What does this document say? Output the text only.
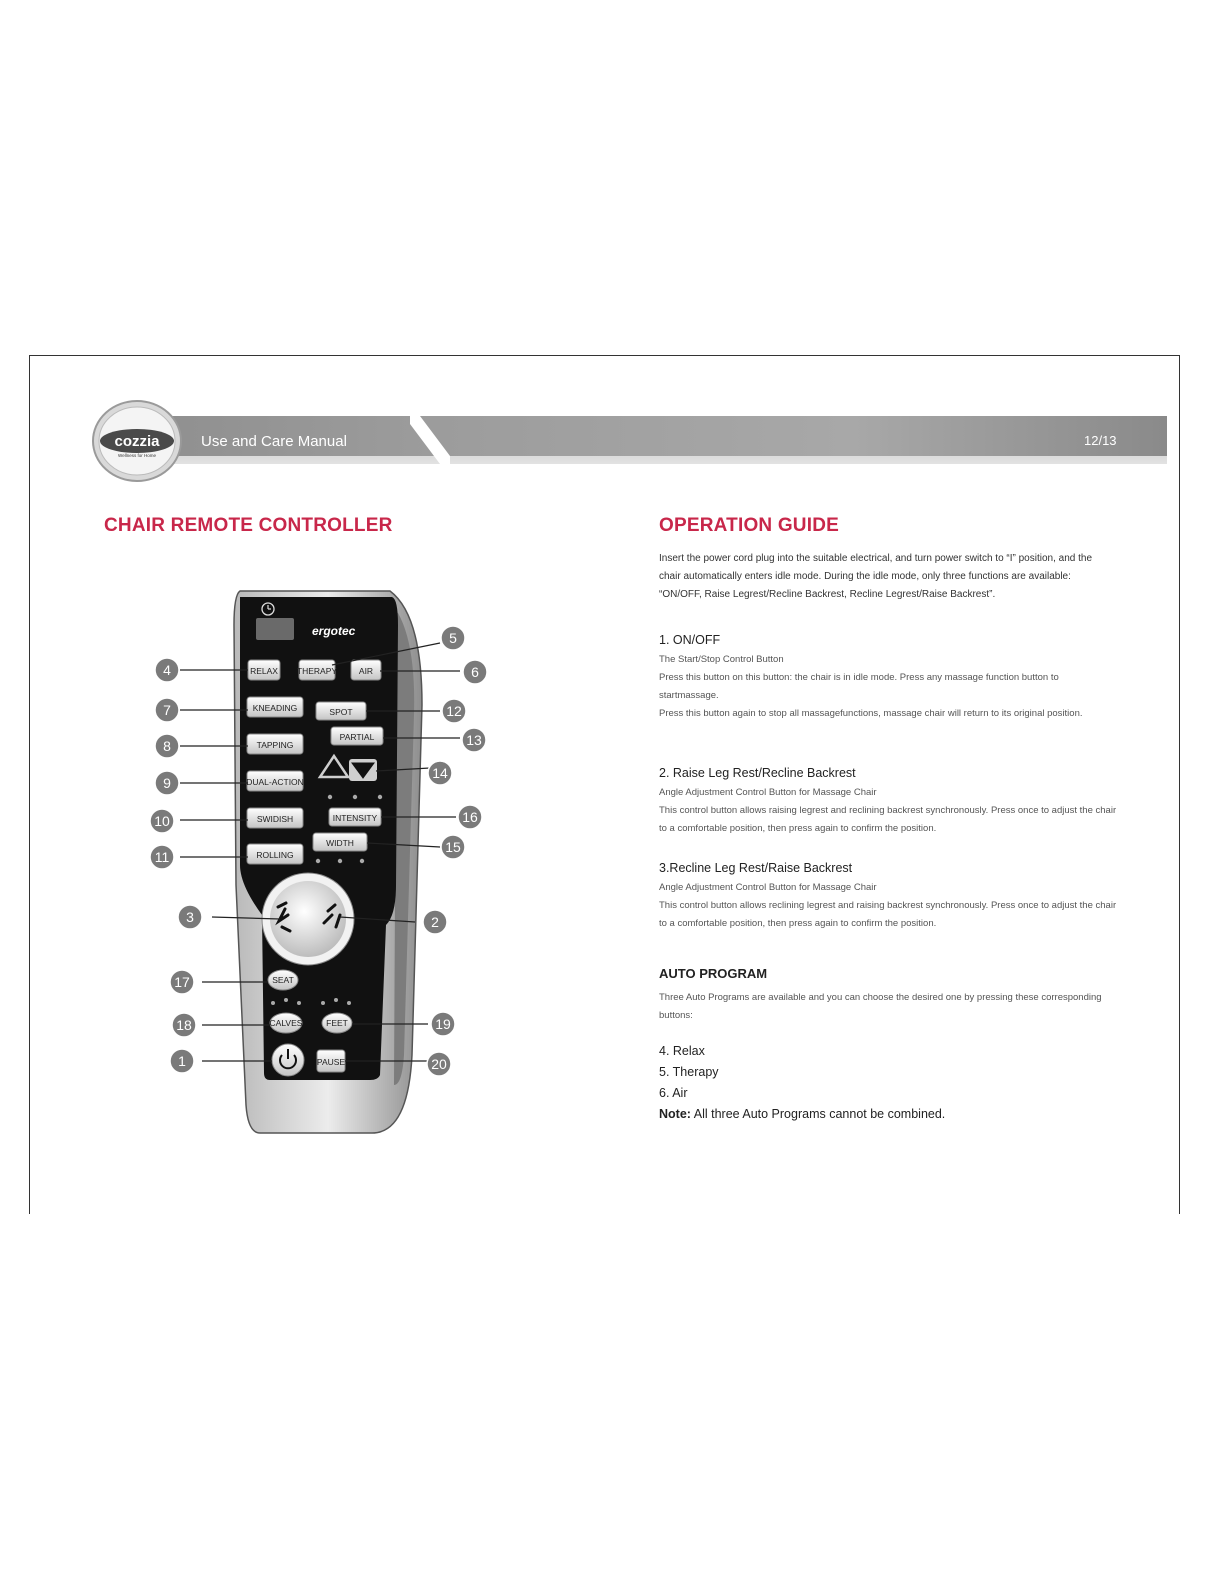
Use and Care Manual	12/13
cozzia
Wellness for Home
CHAIR REMOTE CONTROLLER
ergotec
RELAX THERAPY	AIR
KNEADING	SPOT
TAPPING
PARTIAL
DUAL-ACTION
SWIDISH	INTENSITY
WIDTH
ROLLING
SEAT
CALVES	FEET
PAUSE
4
5
6
7	12
8	13
9
14
10	16
11
15
3	2
17
18	19
1	20
OPERATION GUIDE
Insert the power cord plug into the suitable electrical, and turn power switch to “I” position, and the chair automatically enters idle mode. During the idle mode, only three functions are available: “ON/OFF, Raise Legrest/Recline Backrest, Recline Legrest/Raise Backrest”.
1. ON/OFF
The Start/Stop Control Button
Press this button on this button: the chair is in idle mode. Press any massage function button to startmassage.
Press this button again to stop all massagefunctions, massage chair will return to its original position.
2. Raise Leg Rest/Recline Backrest
Angle Adjustment Control Button for Massage Chair
This control button allows raising legrest and reclining backrest synchronously. Press once to adjust the chair to a comfortable position, then press again to confirm the position.
3.Recline Leg Rest/Raise Backrest
Angle Adjustment Control Button for Massage Chair
This control button allows reclining legrest and raising backrest synchronously. Press once to adjust the chair to a comfortable position, then press again to confirm the position.
AUTO PROGRAM
Three Auto Programs are available and you can choose the desired one by pressing these corresponding buttons:
4. Relax
5. Therapy
6. Air
Note: All three Auto Programs cannot be combined.
